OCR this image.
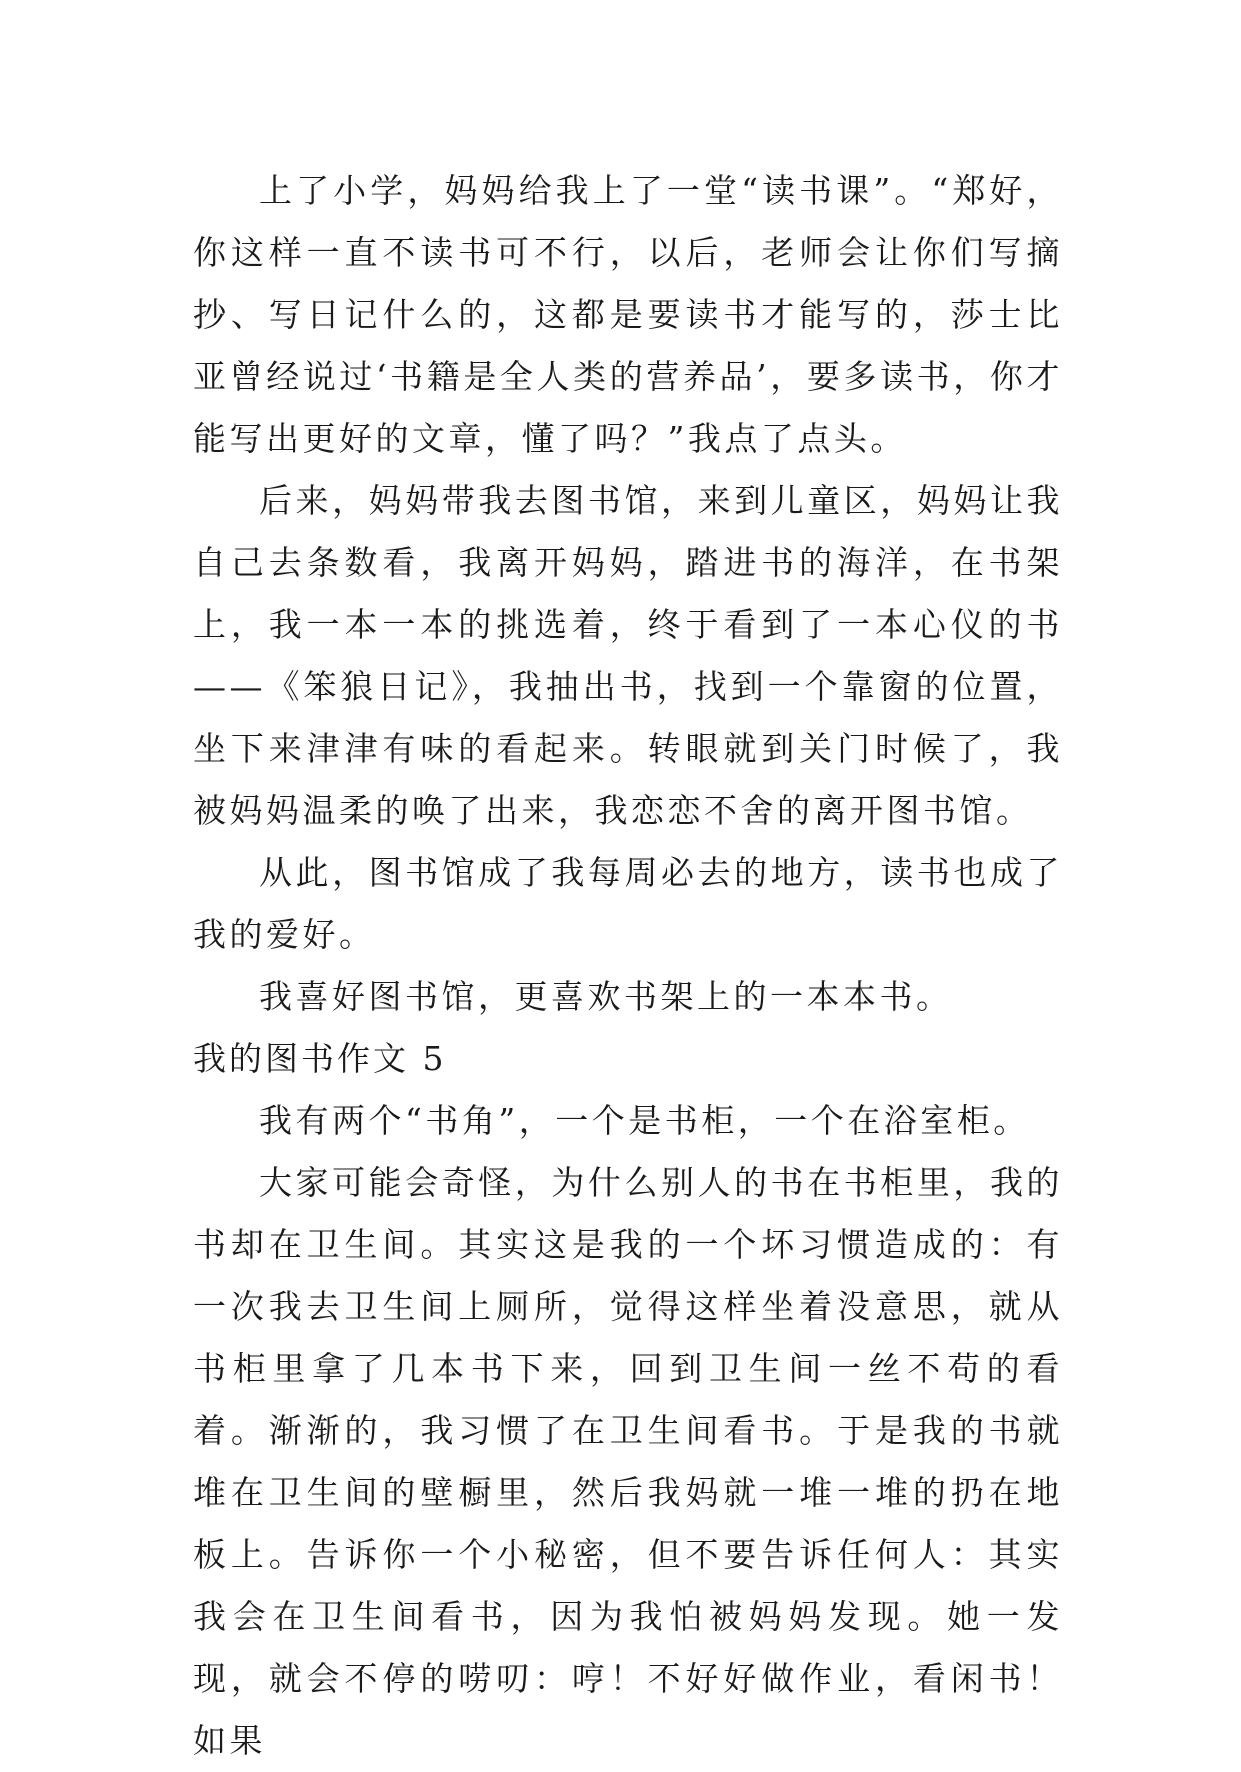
上了小学，妈妈给我上了一堂“读书课”。“郑好，你这样一直不读书可不行，以后，老师会让你们写摘抄、写日记什么的，这都是要读书才能写的，莎士比亚曾经说过‘书籍是全人类的营养品’，要多读书，你才能写出更好的文章，懂了吗？”我点了点头。

后来，妈妈带我去图书馆，来到儿童区，妈妈让我自己去条数看，我离开妈妈，踏进书的海洋，在书架上，我一本一本的挑选着，终于看到了一本心仪的书——《笨狼日记》，我抽出书，找到一个靠窗的位置，坐下来津津有味的看起来。转眼就到关门时候了，我被妈妈温柔的唤了出来，我恋恋不舍的离开图书馆。

从此，图书馆成了我每周必去的地方，读书也成了我的爱好。

我喜好图书馆，更喜欢书架上的一本本书。

我的图书作文 5

我有两个“书角”，一个是书柜，一个在浴室柜。

大家可能会奇怪，为什么别人的书在书柜里，我的书却在卫生间。其实这是我的一个坏习惯造成的：有一次我去卫生间上厕所，觉得这样坐着没意思，就从书柜里拿了几本书下来，回到卫生间一丝不苟的看着。渐渐的，我习惯了在卫生间看书。于是我的书就堆在卫生间的壁橱里，然后我妈就一堆一堆的扔在地板上。告诉你一个小秘密，但不要告诉任何人：其实我会在卫生间看书，因为我怕被妈妈发现。她一发现，就会不停的唠叨：哼！不好好做作业，看闲书！如果
